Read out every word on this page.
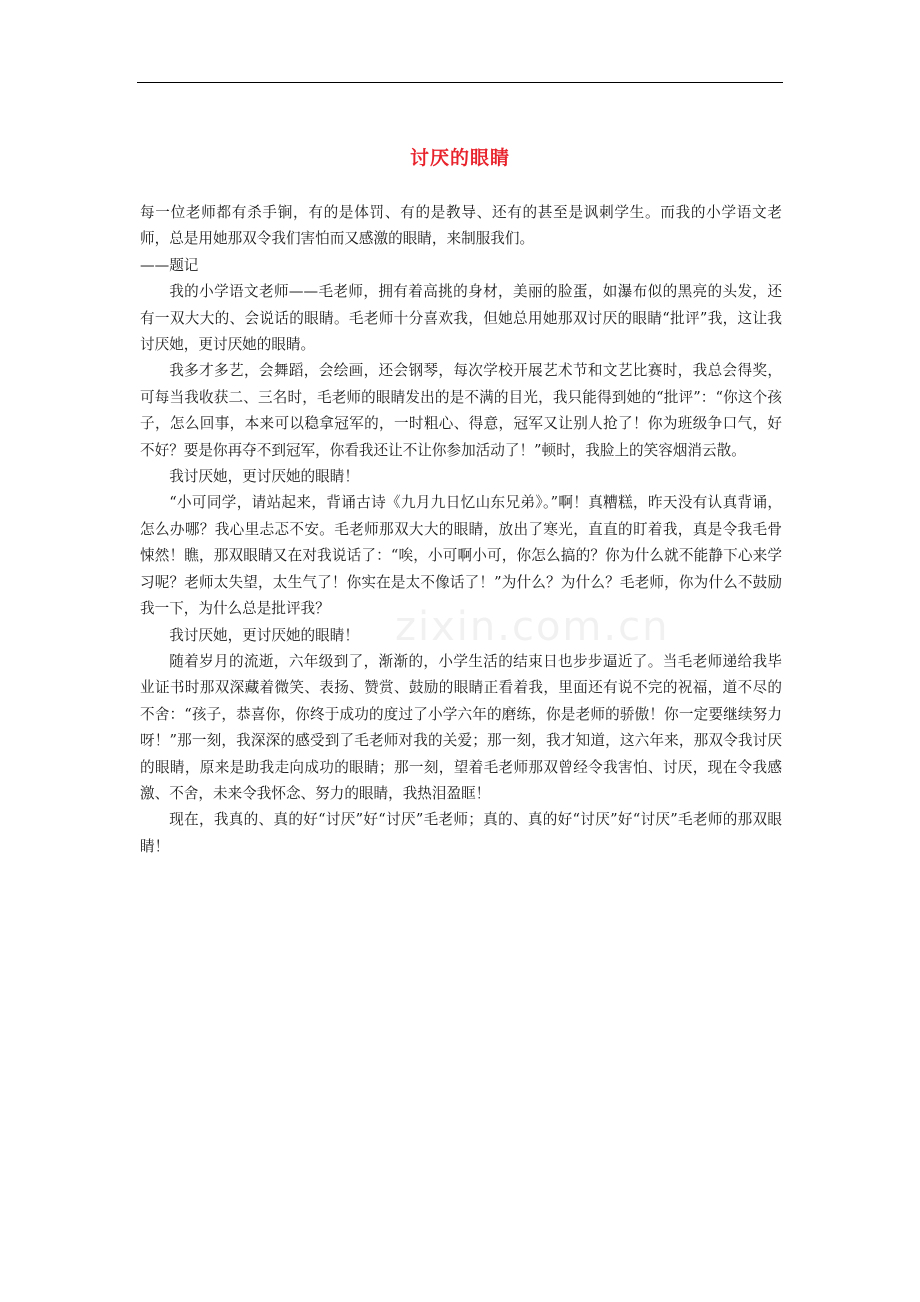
讨厌的眼睛

每一位老师都有杀手锏，有的是体罚、有的是教导、还有的甚至是讽刺学生。而我的小学语文老师，总是用她那双令我们害怕而又感激的眼睛，来制服我们。

——题记

我的小学语文老师——毛老师，拥有着高挑的身材，美丽的脸蛋，如瀑布似的黑亮的头发，还有一双大大的、会说话的眼睛。毛老师十分喜欢我，但她总用她那双讨厌的眼睛“批评”我，这让我讨厌她，更讨厌她的眼睛。

我多才多艺，会舞蹈，会绘画，还会钢琴，每次学校开展艺术节和文艺比赛时，我总会得奖，可每当我收获二、三名时，毛老师的眼睛发出的是不满的目光，我只能得到她的“批评”：“你这个孩子，怎么回事，本来可以稳拿冠军的，一时粗心、得意，冠军又让别人抢了！你为班级争口气，好不好？要是你再夺不到冠军，你看我还让不让你参加活动了！”顿时，我脸上的笑容烟消云散。

我讨厌她，更讨厌她的眼睛！

“小可同学，请站起来，背诵古诗《九月九日忆山东兄弟》。”啊！真糟糕，昨天没有认真背诵，怎么办哪？我心里忐忑不安。毛老师那双大大的眼睛，放出了寒光，直直的盯着我，真是令我毛骨悚然！瞧，那双眼睛又在对我说话了：“唉，小可啊小可，你怎么搞的？你为什么就不能静下心来学习呢？老师太失望，太生气了！你实在是太不像话了！”为什么？为什么？毛老师，你为什么不鼓励我一下，为什么总是批评我？

我讨厌她，更讨厌她的眼睛！

随着岁月的流逝，六年级到了，渐渐的，小学生活的结束日也步步逼近了。当毛老师递给我毕业证书时那双深藏着微笑、表扬、赞赏、鼓励的眼睛正看着我，里面还有说不完的祝福，道不尽的不舍：“孩子，恭喜你，你终于成功的度过了小学六年的磨练，你是老师的骄傲！你一定要继续努力呀！”那一刻，我深深的感受到了毛老师对我的关爱；那一刻，我才知道，这六年来，那双令我讨厌的眼睛，原来是助我走向成功的眼睛；那一刻，望着毛老师那双曾经令我害怕、讨厌，现在令我感激、不舍，未来令我怀念、努力的眼睛，我热泪盈眶！

现在，我真的、真的好“讨厌”好“讨厌”毛老师；真的、真的好“讨厌”好“讨厌”毛老师的那双眼睛！

zixin.com.cn
